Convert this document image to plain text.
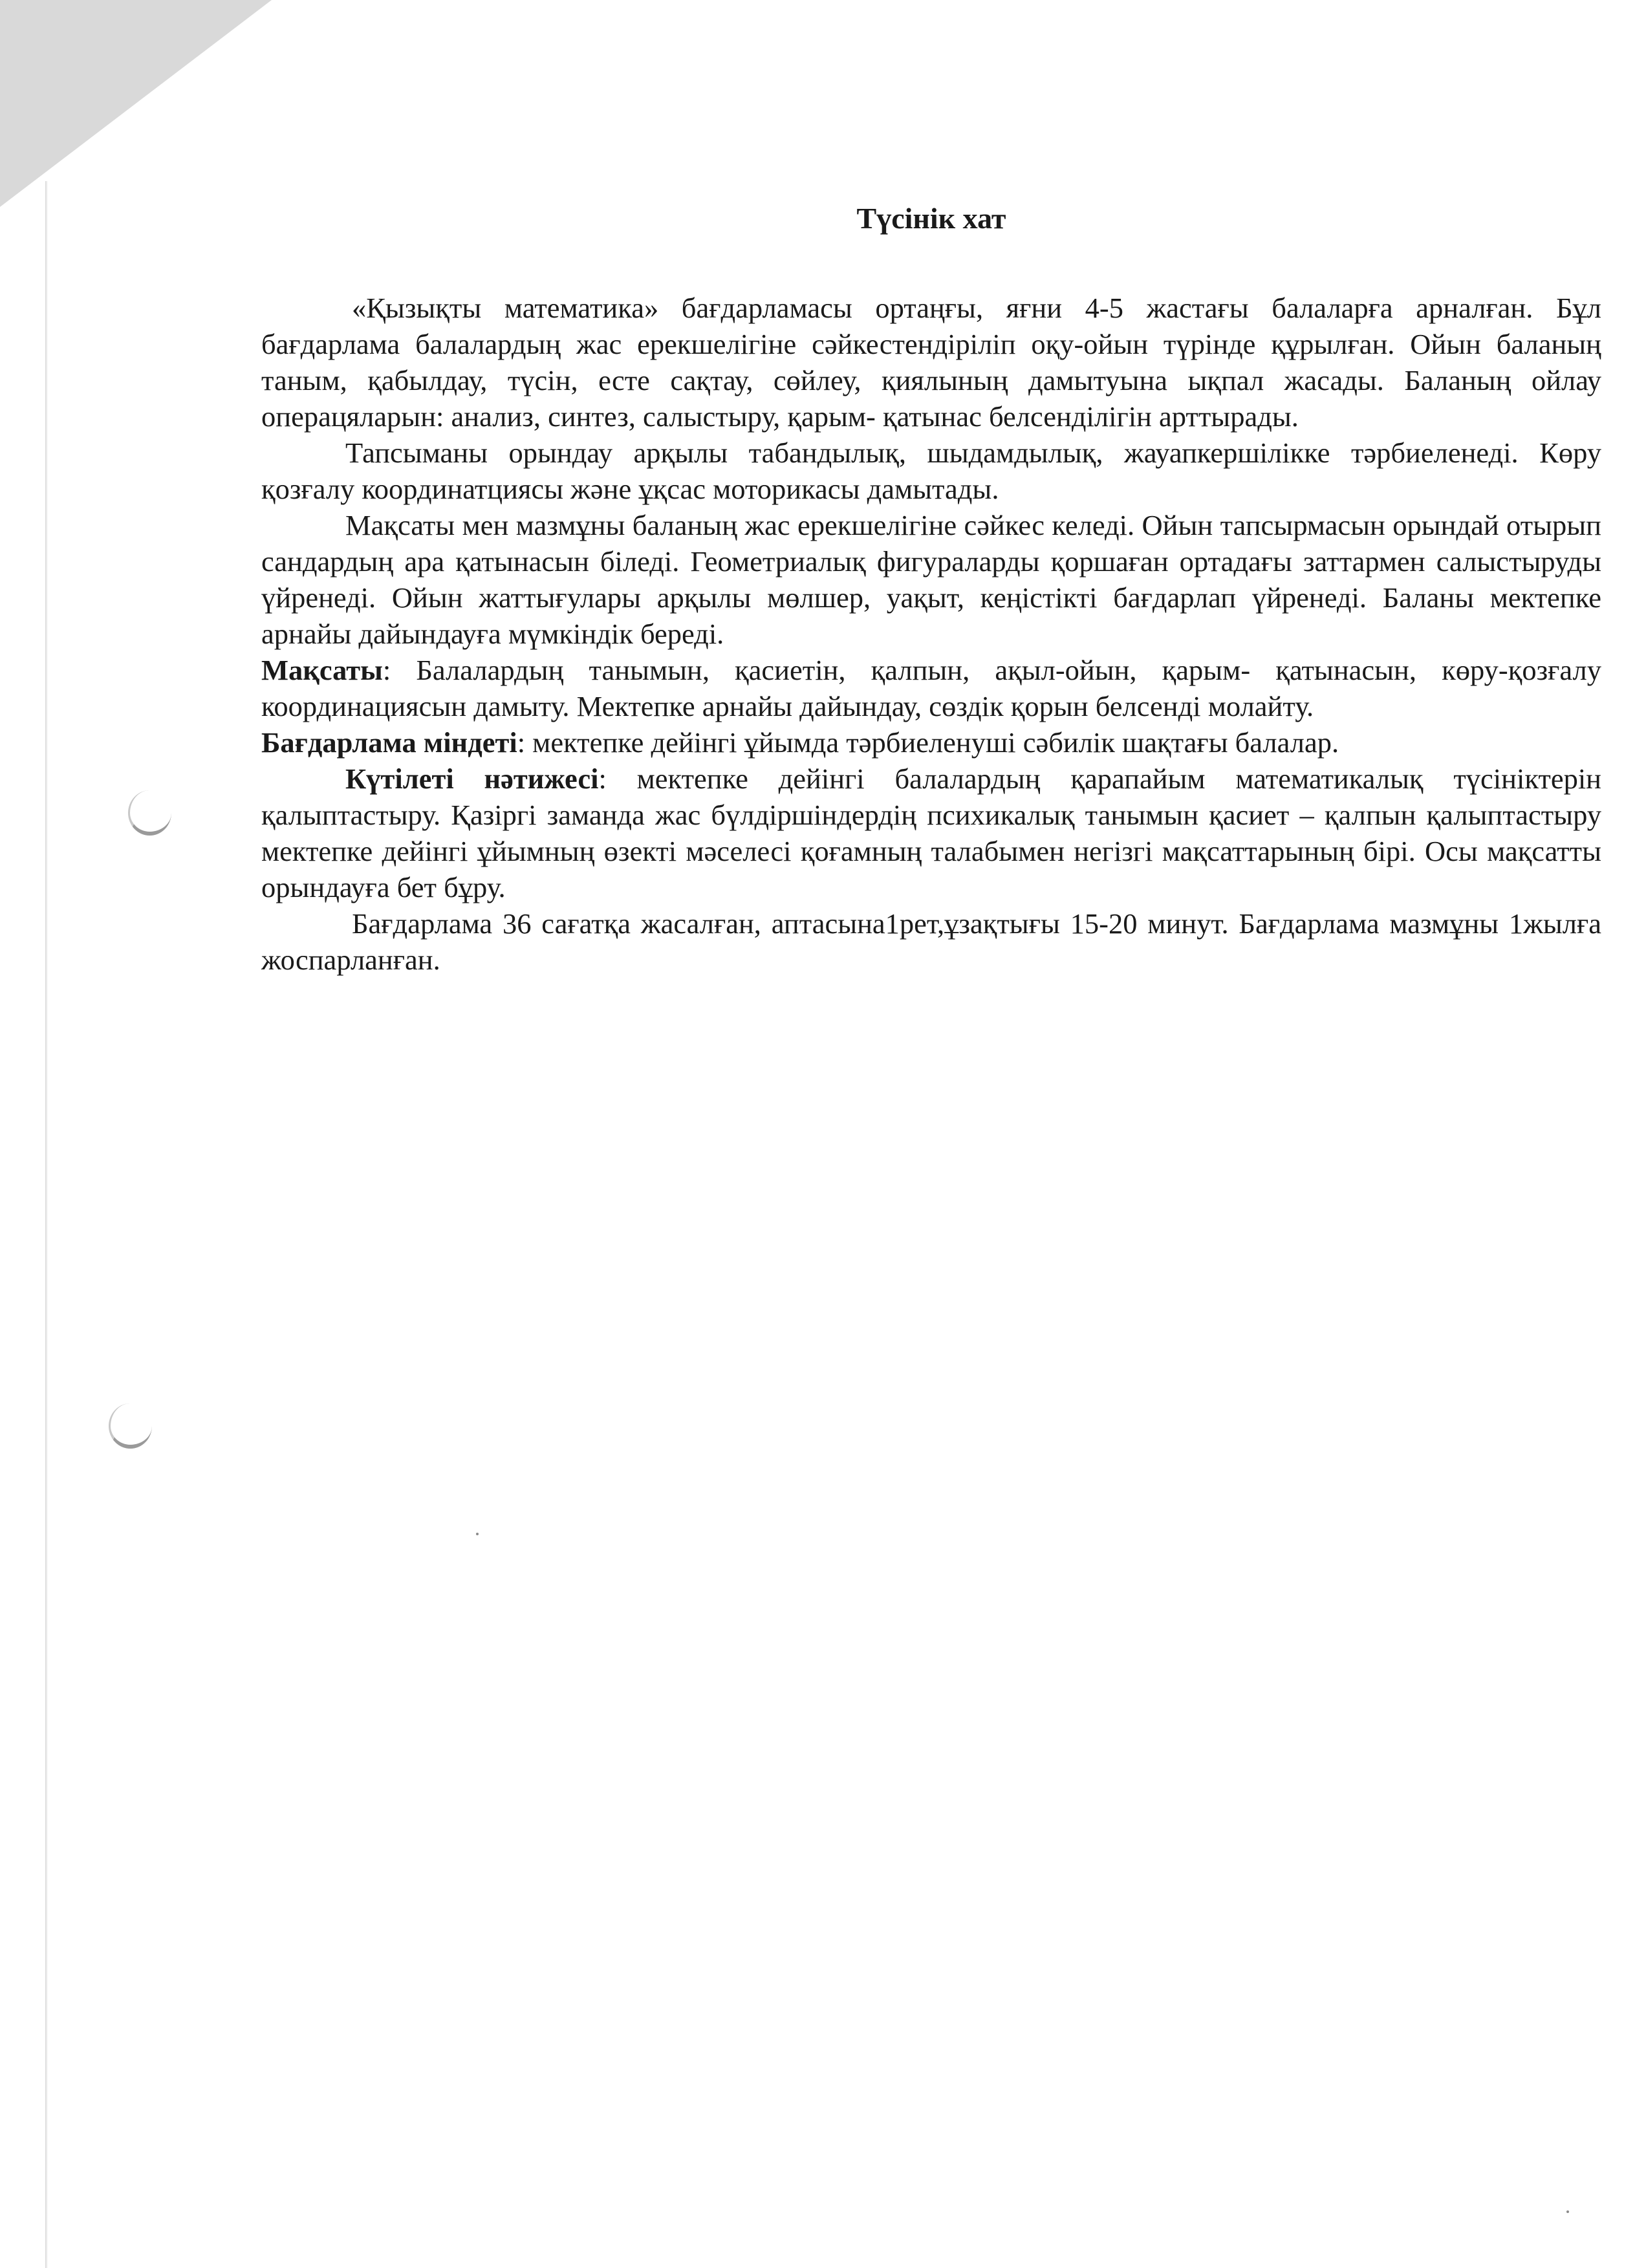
Түсінік хат

«Қызықты математика» бағдарламасы ортаңғы, яғни 4-5 жастағы балаларға арналған. Бұл бағдарлама балалардың жас ерекшелігіне сәйкестендіріліп оқу-ойын түрінде құрылған. Ойын баланың таным, қабылдау, түсін, есте сақтау, сөйлеу, қиялының дамытуына ықпал жасады. Баланың ойлау операцяларын: анализ, синтез, салыстыру, қарым- қатынас белсенділігін арттырады.

Тапсыманы орындау арқылы табандылық, шыдамдылық, жауапкершілікке тәрбиеленеді. Көру қозғалу координатциясы және ұқсас моторикасы дамытады.

Мақсаты мен мазмұны баланың жас ерекшелігіне сәйкес келеді. Ойын тапсырмасын орындай отырып сандардың ара қатынасын біледі. Геометриалық фигураларды қоршаған ортадағы заттармен салыстыруды үйренеді. Ойын жаттығулары арқылы мөлшер, уақыт, кеңістікті бағдарлап үйренеді. Баланы мектепке арнайы дайындауға мүмкіндік береді.

Мақсаты: Балалардың танымын, қасиетін, қалпын, ақыл-ойын, қарым- қатынасын, көру-қозғалу координациясын дамыту. Мектепке арнайы дайындау, сөздік қорын белсенді молайту.

Бағдарлама міндеті: мектепке дейінгі ұйымда тәрбиеленуші сәбилік шақтағы балалар.

Күтілеті нәтижесі: мектепке дейінгі балалардың қарапайым математикалық түсініктерін қалыптастыру. Қазіргі заманда жас бүлдіршіндердің психикалық танымын қасиет – қалпын қалыптастыру мектепке дейінгі ұйымның өзекті мәселесі қоғамның талабымен негізгі мақсаттарының бірі. Осы мақсатты орындауға бет бұру.

Бағдарлама 36 сағатқа жасалған, аптасына1рет,ұзақтығы 15-20 минут. Бағдарлама мазмұны 1жылға жоспарланған.
